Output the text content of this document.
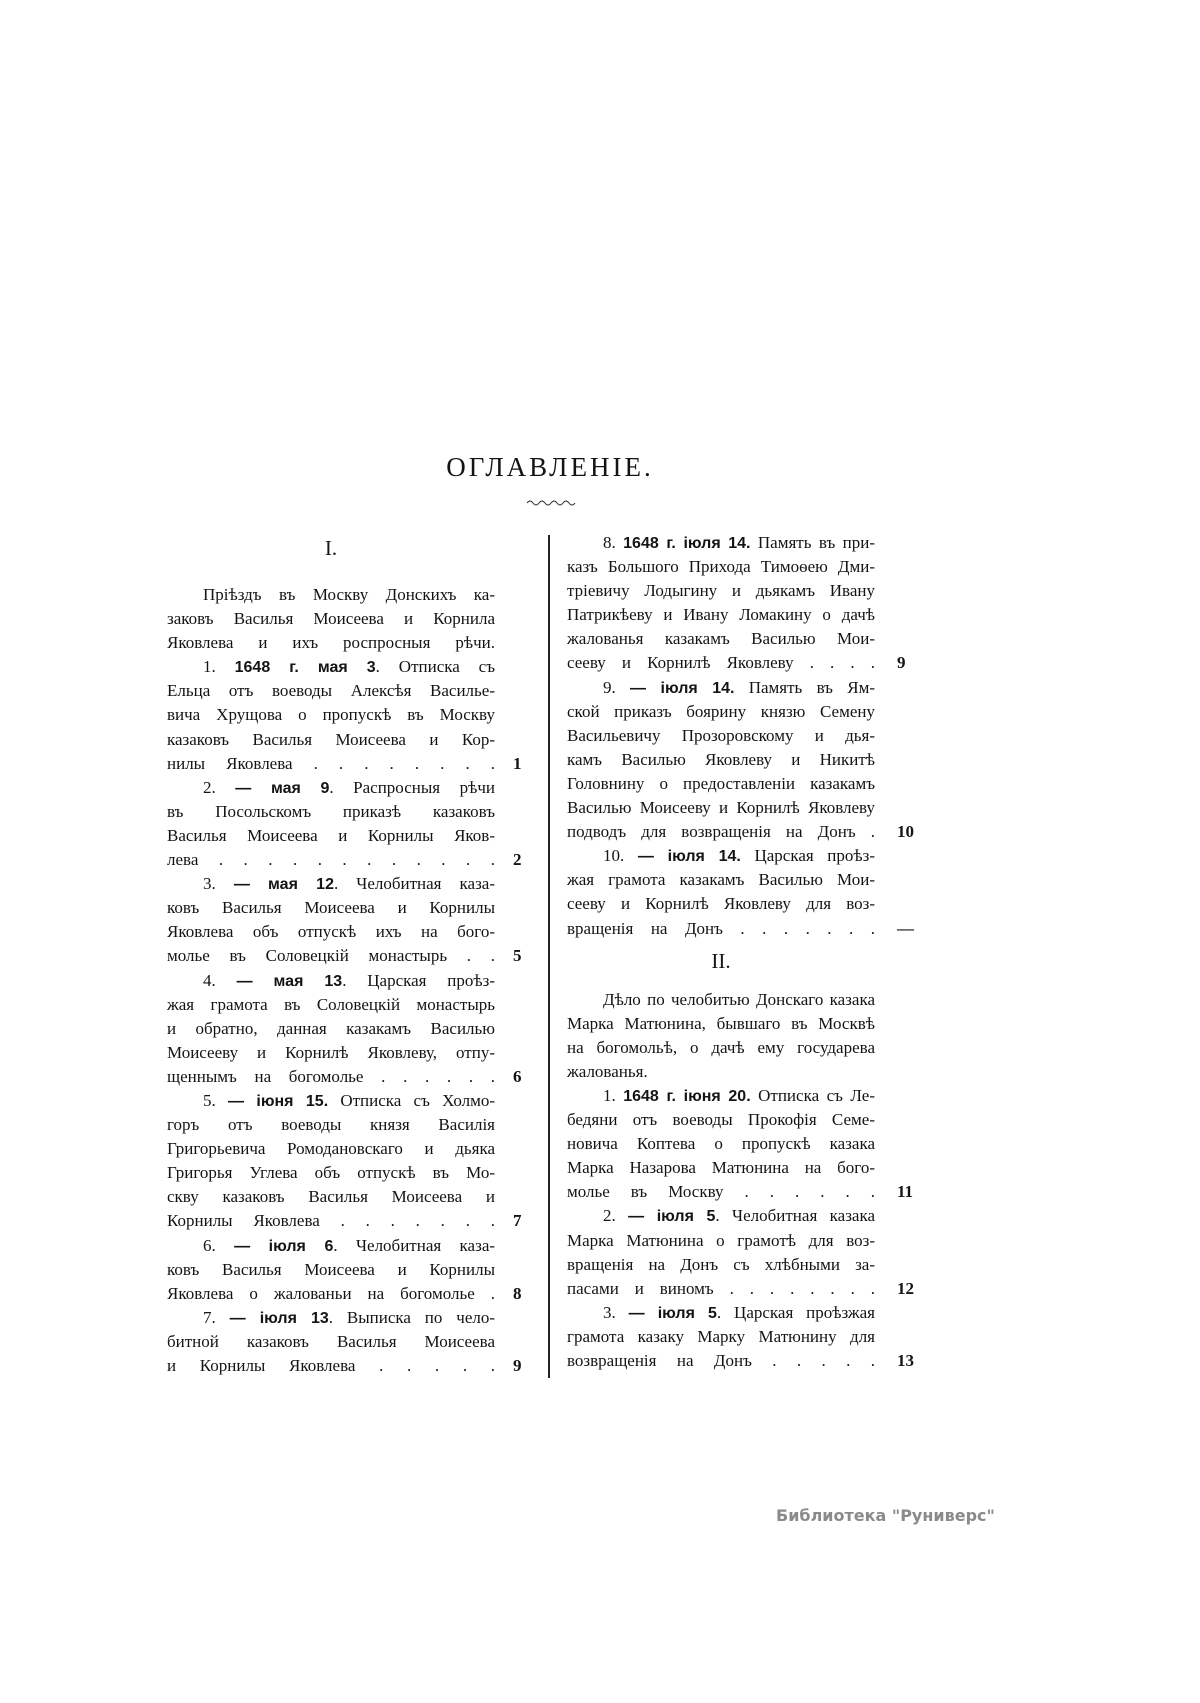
ОГЛАВЛЕНІЕ.
I.
Прiѣздъ въ Москву Донскихъ ка-
заковъ Василья Моисеева и Корнила
Яковлева и ихъ роспросныя рѣчи.
1. 1648 г. мая 3. Отписка съ
Ельца отъ воеводы Алексѣя Василье-
вича Хрущова о пропускѣ въ Москву
казаковъ Василья Моисеева и Кор-
нилы Яковлева . . . . . . . . 1
2. — мая 9. Распросныя рѣчи
въ Посольскомъ приказѣ казаковъ
Василья Моисеева и Корнилы Яков-
лева . . . . . . . . . . . . 2
3. — мая 12. Челобитная каза-
ковъ Василья Моисеева и Корнилы
Яковлева объ отпускѣ ихъ на бого-
молье въ Соловецкій монастырь . . 5
4. — мая 13. Царская проѣз-
жая грамота въ Соловецкій монастырь
и обратно, данная казакамъ Василью
Моисееву и Корнилѣ Яковлеву, отпу-
щеннымъ на богомолье . . . . . . 6
5. — іюня 15. Отписка съ Холмо-
горъ отъ воеводы князя Василія
Григорьевича Ромодановскаго и дьяка
Григорья Углева объ отпускѣ въ Мо-
скву казаковъ Василья Моисеева и
Корнилы Яковлева . . . . . . . 7
6. — іюля 6. Челобитная каза-
ковъ Василья Моисеева и Корнилы
Яковлева о жалованьи на богомолье . 8
7. — іюля 13. Выписка по чело-
битной казаковъ Василья Моисеева
и Корнилы Яковлева . . . . . 9
8. 1648 г. іюля 14. Память въ при-
казъ Большого Прихода Тимоѳею Дми-
тріевичу Лодыгину и дьякамъ Ивану
Патрикѣеву и Ивану Ломакину о дачѣ
жалованья казакамъ Василью Мои-
сееву и Корнилѣ Яковлеву . . . . 9
9. — іюля 14. Память въ Ям-
ской приказъ боярину князю Семену
Васильевичу Прозоровскому и дья-
камъ Василью Яковлеву и Никитѣ
Головнину о предоставленіи казакамъ
Василью Моисееву и Корнилѣ Яковлеву
подводъ для возвращенія на Донъ . 10
10. — іюля 14. Царская проѣз-
жая грамота казакамъ Василью Мои-
сееву и Корнилѣ Яковлеву для воз-
вращенія на Донъ . . . . . . . —
II.
Дѣло по челобитью Донскаго казака
Марка Матюнина, бывшаго въ Москвѣ
на богомольѣ, о дачѣ ему государева
жалованья.
1. 1648 г. іюня 20. Отписка съ Ле-
бедяни отъ воеводы Прокофія Семе-
новича Коптева о пропускѣ казака
Марка Назарова Матюнина на бого-
молье въ Москву . . . . . . 11
2. — іюля 5. Челобитная казака
Марка Матюнина о грамотѣ для воз-
вращенія на Донъ съ хлѣбными за-
пасами и виномъ . . . . . . . . 12
3. — іюля 5. Царская проѣзжая
грамота казаку Марку Матюнину для
возвращенія на Донъ . . . . . 13
Библиотека "Руниверс"
